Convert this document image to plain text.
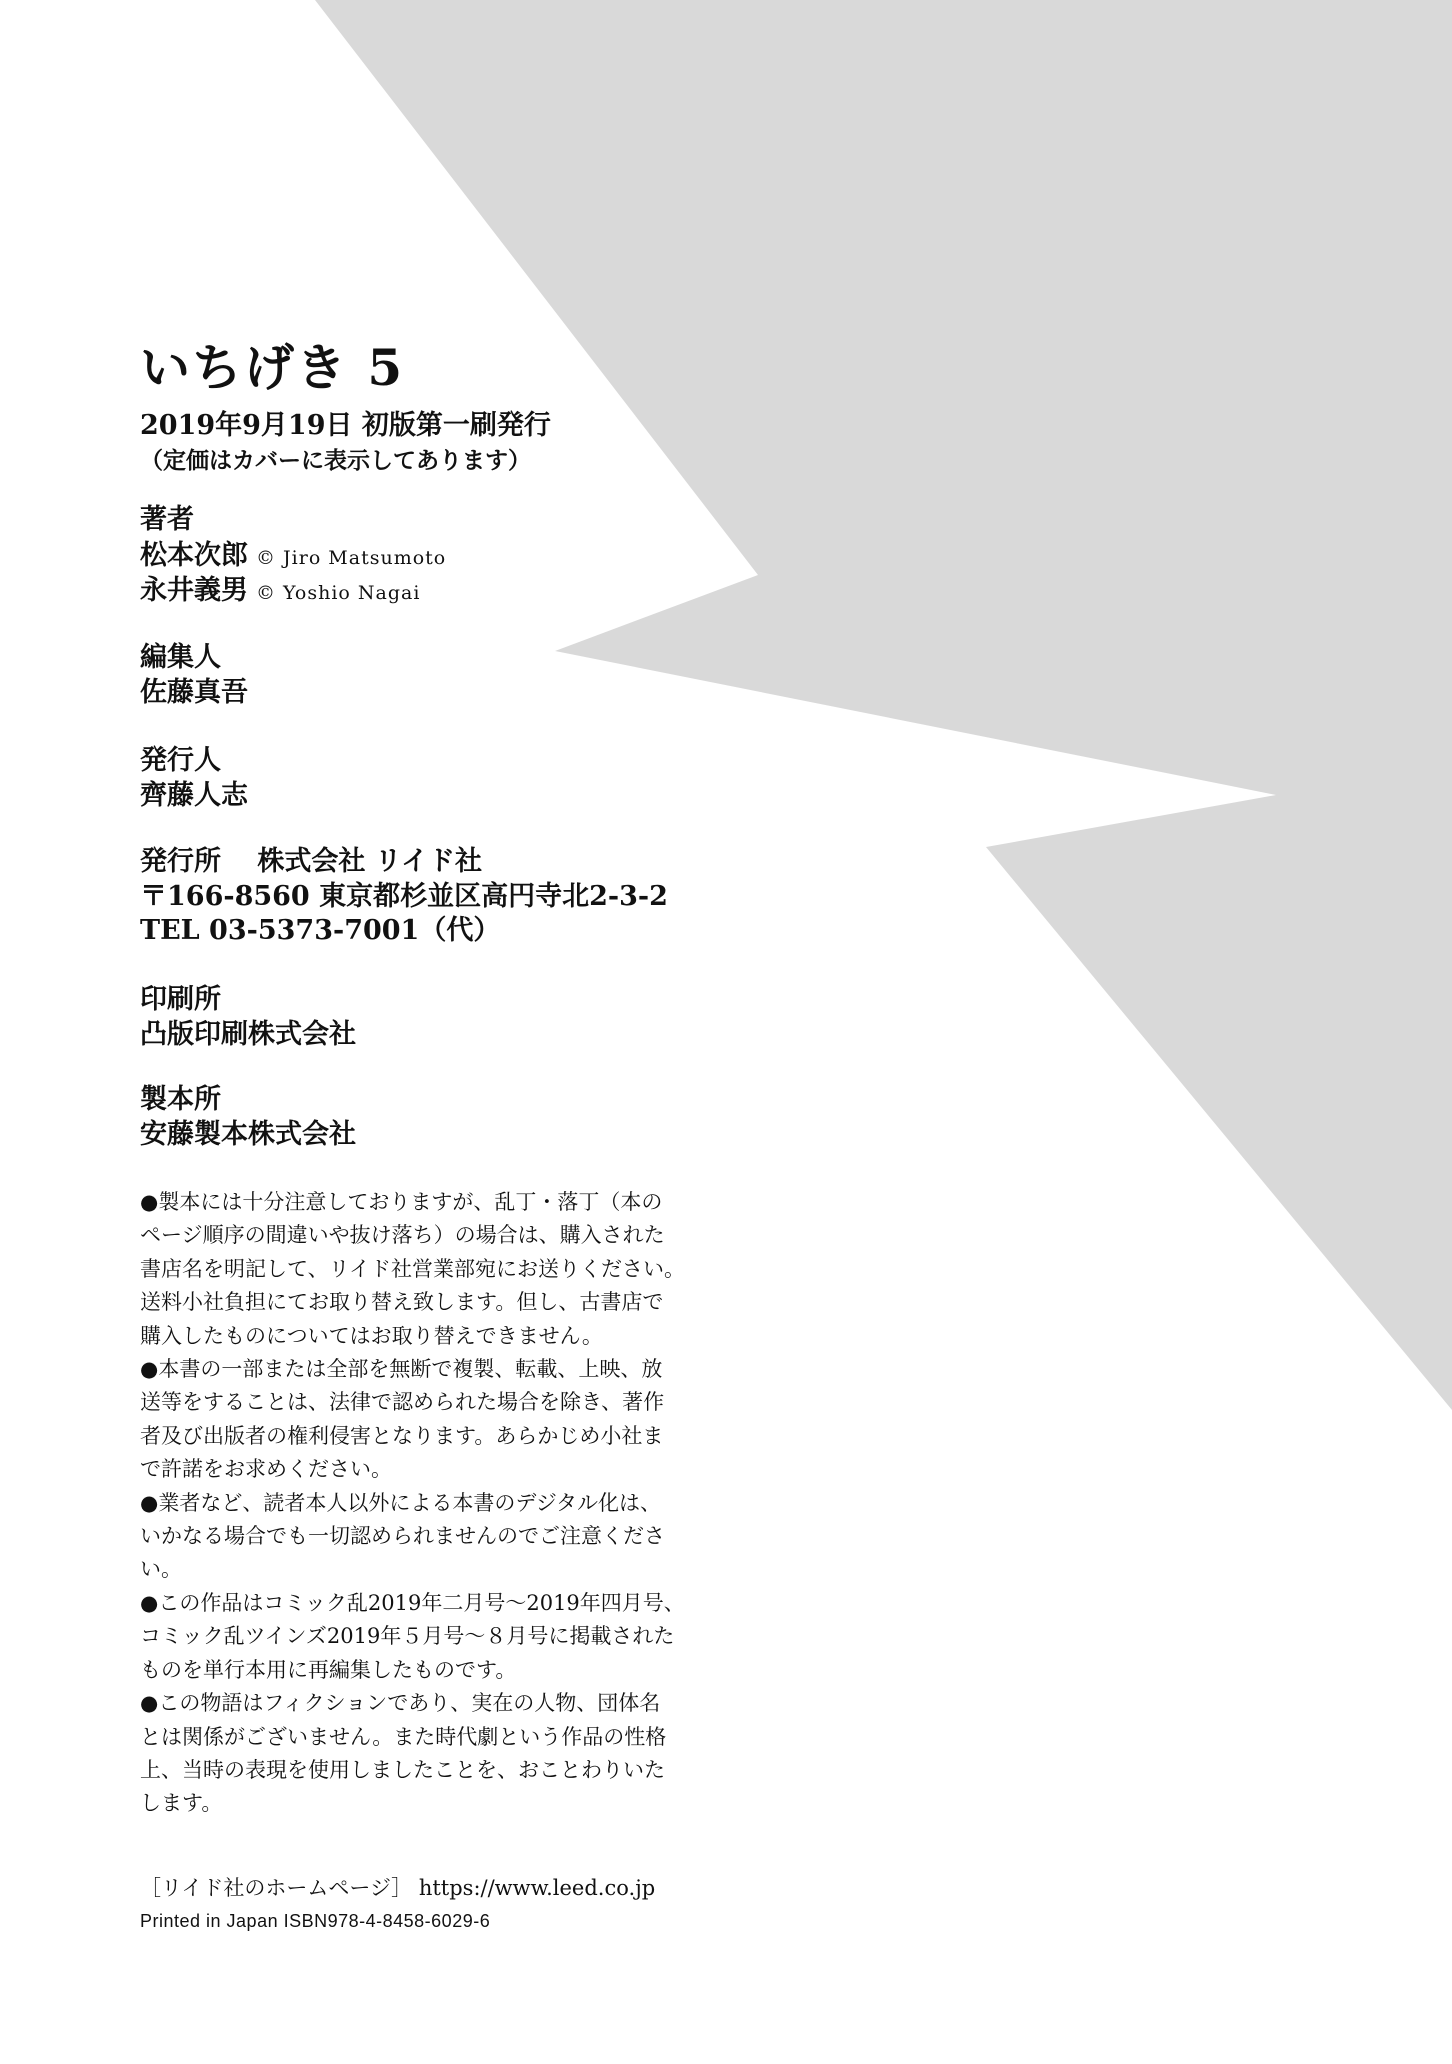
いちげき 5
2019年9月19日 初版第一刷発行
（定価はカバーに表示してあります）
著者
松本次郎 © Jiro Matsumoto
永井義男 © Yoshio Nagai
編集人
佐藤真吾
発行人
齊藤人志
発行所　 株式会社 リイド社
〒166-8560 東京都杉並区高円寺北2-3-2
TEL 03-5373-7001（代）
印刷所
凸版印刷株式会社
製本所
安藤製本株式会社

●製本には十分注意しておりますが、乱丁・落丁（本の
ページ順序の間違いや抜け落ち）の場合は、購入された
書店名を明記して、リイド社営業部宛にお送りください。
送料小社負担にてお取り替え致します。但し、古書店で
購入したものについてはお取り替えできません。

●本書の一部または全部を無断で複製、転載、上映、放
送等をすることは、法律で認められた場合を除き、著作
者及び出版者の権利侵害となります。あらかじめ小社ま
で許諾をお求めください。

●業者など、読者本人以外による本書のデジタル化は、
いかなる場合でも一切認められませんのでご注意くださ
い。

●この作品はコミック乱2019年二月号〜2019年四月号、
コミック乱ツインズ2019年５月号〜８月号に掲載された
ものを単行本用に再編集したものです。

●この物語はフィクションであり、実在の人物、団体名
とは関係がございません。また時代劇という作品の性格
上、当時の表現を使用しましたことを、おことわりいた
します。

［リイド社のホームページ］ https://www.leed.co.jp
Printed in Japan ISBN978-4-8458-6029-6
